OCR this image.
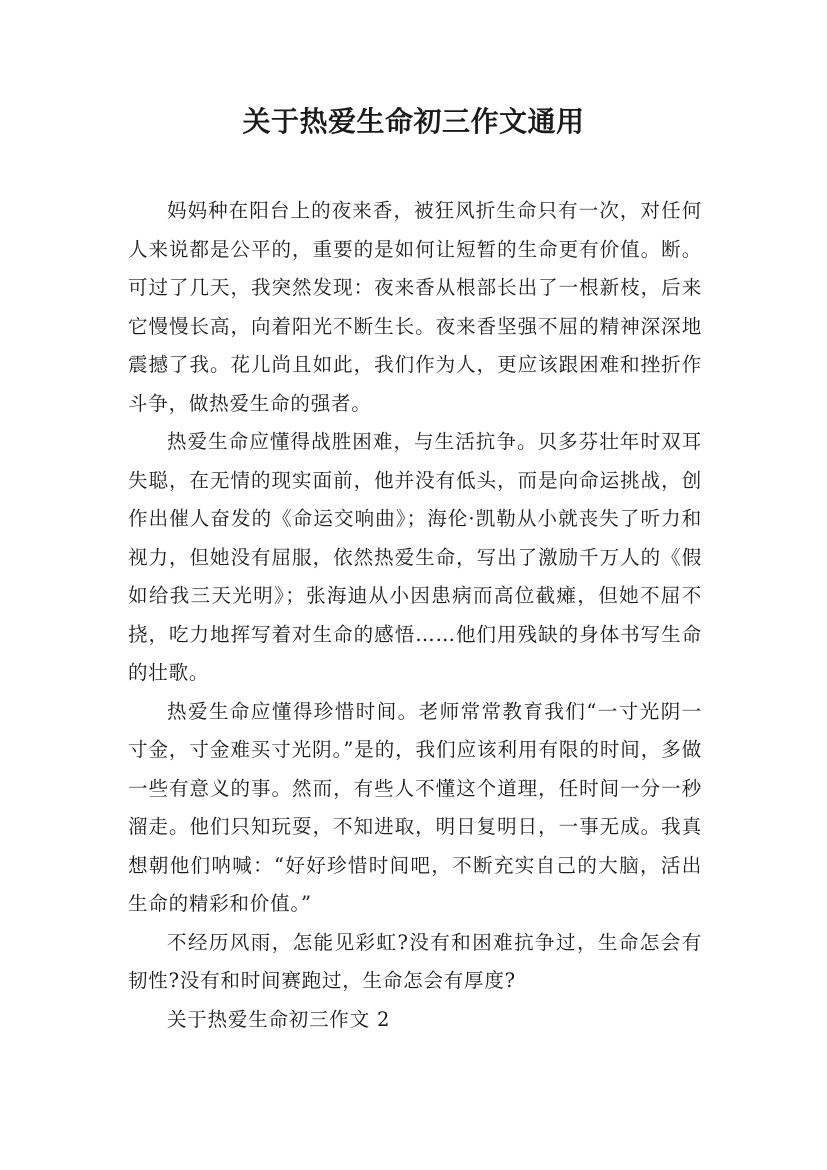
关于热爱生命初三作文通用

妈妈种在阳台上的夜来香，被狂风折生命只有一次，对任何人来说都是公平的，重要的是如何让短暂的生命更有价值。断。可过了几天，我突然发现：夜来香从根部长出了一根新枝，后来它慢慢长高，向着阳光不断生长。夜来香坚强不屈的精神深深地震撼了我。花儿尚且如此，我们作为人，更应该跟困难和挫折作斗争，做热爱生命的强者。

热爱生命应懂得战胜困难，与生活抗争。贝多芬壮年时双耳失聪，在无情的现实面前，他并没有低头，而是向命运挑战，创作出催人奋发的《命运交响曲》；海伦·凯勒从小就丧失了听力和视力，但她没有屈服，依然热爱生命，写出了激励千万人的《假如给我三天光明》；张海迪从小因患病而高位截瘫，但她不屈不挠，吃力地挥写着对生命的感悟……他们用残缺的身体书写生命的壮歌。

热爱生命应懂得珍惜时间。老师常常教育我们“一寸光阴一寸金，寸金难买寸光阴。”是的，我们应该利用有限的时间，多做一些有意义的事。然而，有些人不懂这个道理，任时间一分一秒溜走。他们只知玩耍，不知进取，明日复明日，一事无成。我真想朝他们呐喊：“好好珍惜时间吧，不断充实自己的大脑，活出生命的精彩和价值。”

不经历风雨，怎能见彩虹?没有和困难抗争过，生命怎会有韧性?没有和时间赛跑过，生命怎会有厚度?

关于热爱生命初三作文 2
